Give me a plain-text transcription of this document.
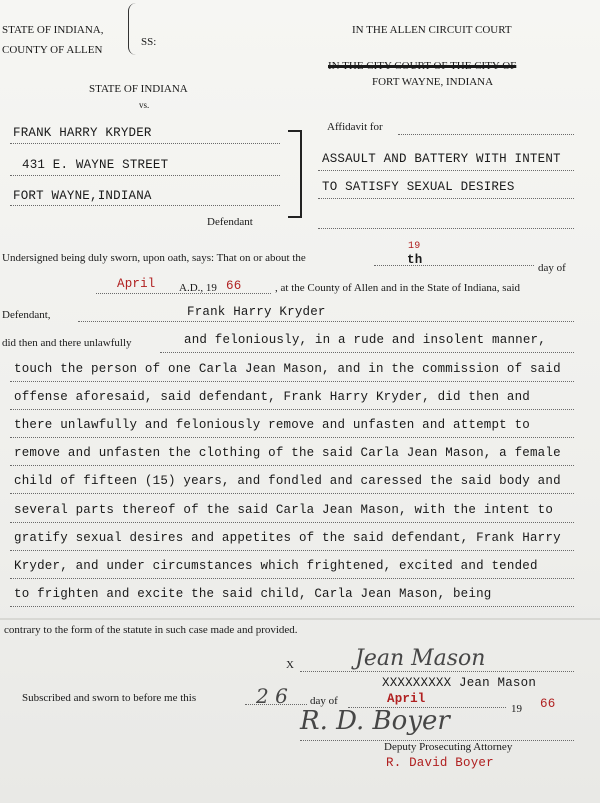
STATE OF INDIANA,
COUNTY OF ALLEN
SS:
IN THE ALLEN CIRCUIT COURT
IN THE CITY COURT OF THE CITY OF
FORT WAYNE, INDIANA
STATE OF INDIANA
vs.
FRANK HARRY KRYDER
431 E. WAYNE STREET
FORT WAYNE,INDIANA
Defendant
Affidavit for
ASSAULT AND BATTERY WITH INTENT
TO SATISFY SEXUAL DESIRES
Undersigned being duly sworn, upon oath, says: That on or about the
19
th
day of
April A.D., 19 66	, at the County of Allen and in the State of Indiana, said
Defendant,	Frank Harry Kryder
did then and there unlawfully	and feloniously, in a rude and insolent manner,
touch the person of one Carla Jean Mason, and in the commission of said
offense aforesaid, said defendant, Frank Harry Kryder, did then and
there unlawfully and feloniously remove and unfasten and attempt to
remove and unfasten the clothing of the said Carla Jean Mason, a female
child of fifteen (15) years, and fondled and caressed the said body and
several parts thereof of the said Carla Jean Mason, with the intent to
gratify sexual desires and appetites of the said defendant, Frank Harry
Kryder, and under circumstances which frightened, excited and tended
to frighten and excite the said child, Carla Jean Mason, being
contrary to the form of the statute in such case made and provided.
X	Jean Mason
XXXXXXXXX Jean Mason
Subscribed and sworn to before me this	2 6 day of	April
19 66
R. D. Boyer
Deputy Prosecuting Attorney
R. David Boyer
